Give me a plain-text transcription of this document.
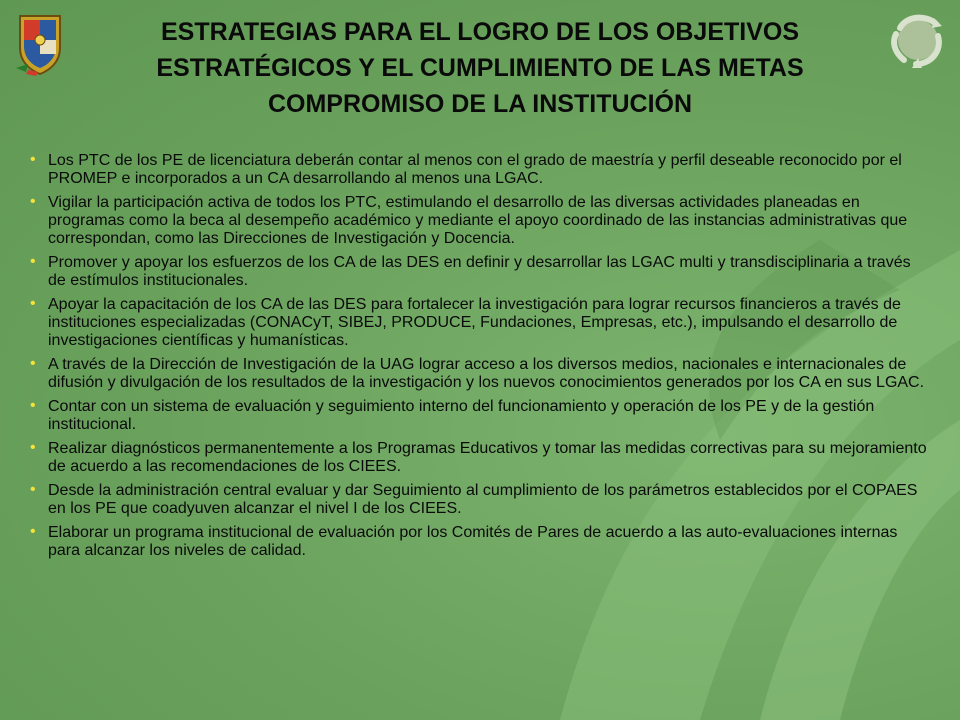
ESTRATEGIAS PARA EL LOGRO DE LOS OBJETIVOS
ESTRATÉGICOS Y EL CUMPLIMIENTO DE LAS METAS
COMPROMISO DE LA INSTITUCIÓN
• Los PTC de los PE de licenciatura deberán contar al menos con el grado de maestría y perfil deseable reconocido por el PROMEP e incorporados a un CA desarrollando al menos una LGAC.
• Vigilar la participación activa de todos los PTC, estimulando el desarrollo de las diversas actividades planeadas en programas como la beca al desempeño académico y mediante el apoyo coordinado de las instancias administrativas que correspondan, como las Direcciones de Investigación y Docencia.
• Promover y apoyar los esfuerzos de los CA de las DES en definir y desarrollar las LGAC multi y transdisciplinaria a través de estímulos institucionales.
• Apoyar la capacitación de los CA de las DES para fortalecer la investigación para lograr recursos financieros a través de instituciones especializadas (CONACyT, SIBEJ, PRODUCE, Fundaciones, Empresas, etc.), impulsando el desarrollo de investigaciones científicas y humanísticas.
• A través de la Dirección de Investigación de la UAG lograr acceso a los diversos medios, nacionales e internacionales de difusión y divulgación de los resultados de la investigación y los nuevos conocimientos generados por los CA en sus LGAC.
• Contar con un sistema de evaluación y seguimiento interno del funcionamiento y operación de los PE y de la gestión institucional.
• Realizar diagnósticos permanentemente a los Programas Educativos y tomar las medidas correctivas para su mejoramiento de acuerdo a las recomendaciones de los CIEES.
• Desde la administración central evaluar y dar Seguimiento al cumplimiento de los parámetros establecidos por el COPAES en los PE que coadyuven alcanzar el nivel I de los CIEES.
• Elaborar un programa institucional de evaluación por los Comités de Pares de acuerdo a las auto-evaluaciones internas para alcanzar los niveles de calidad.
